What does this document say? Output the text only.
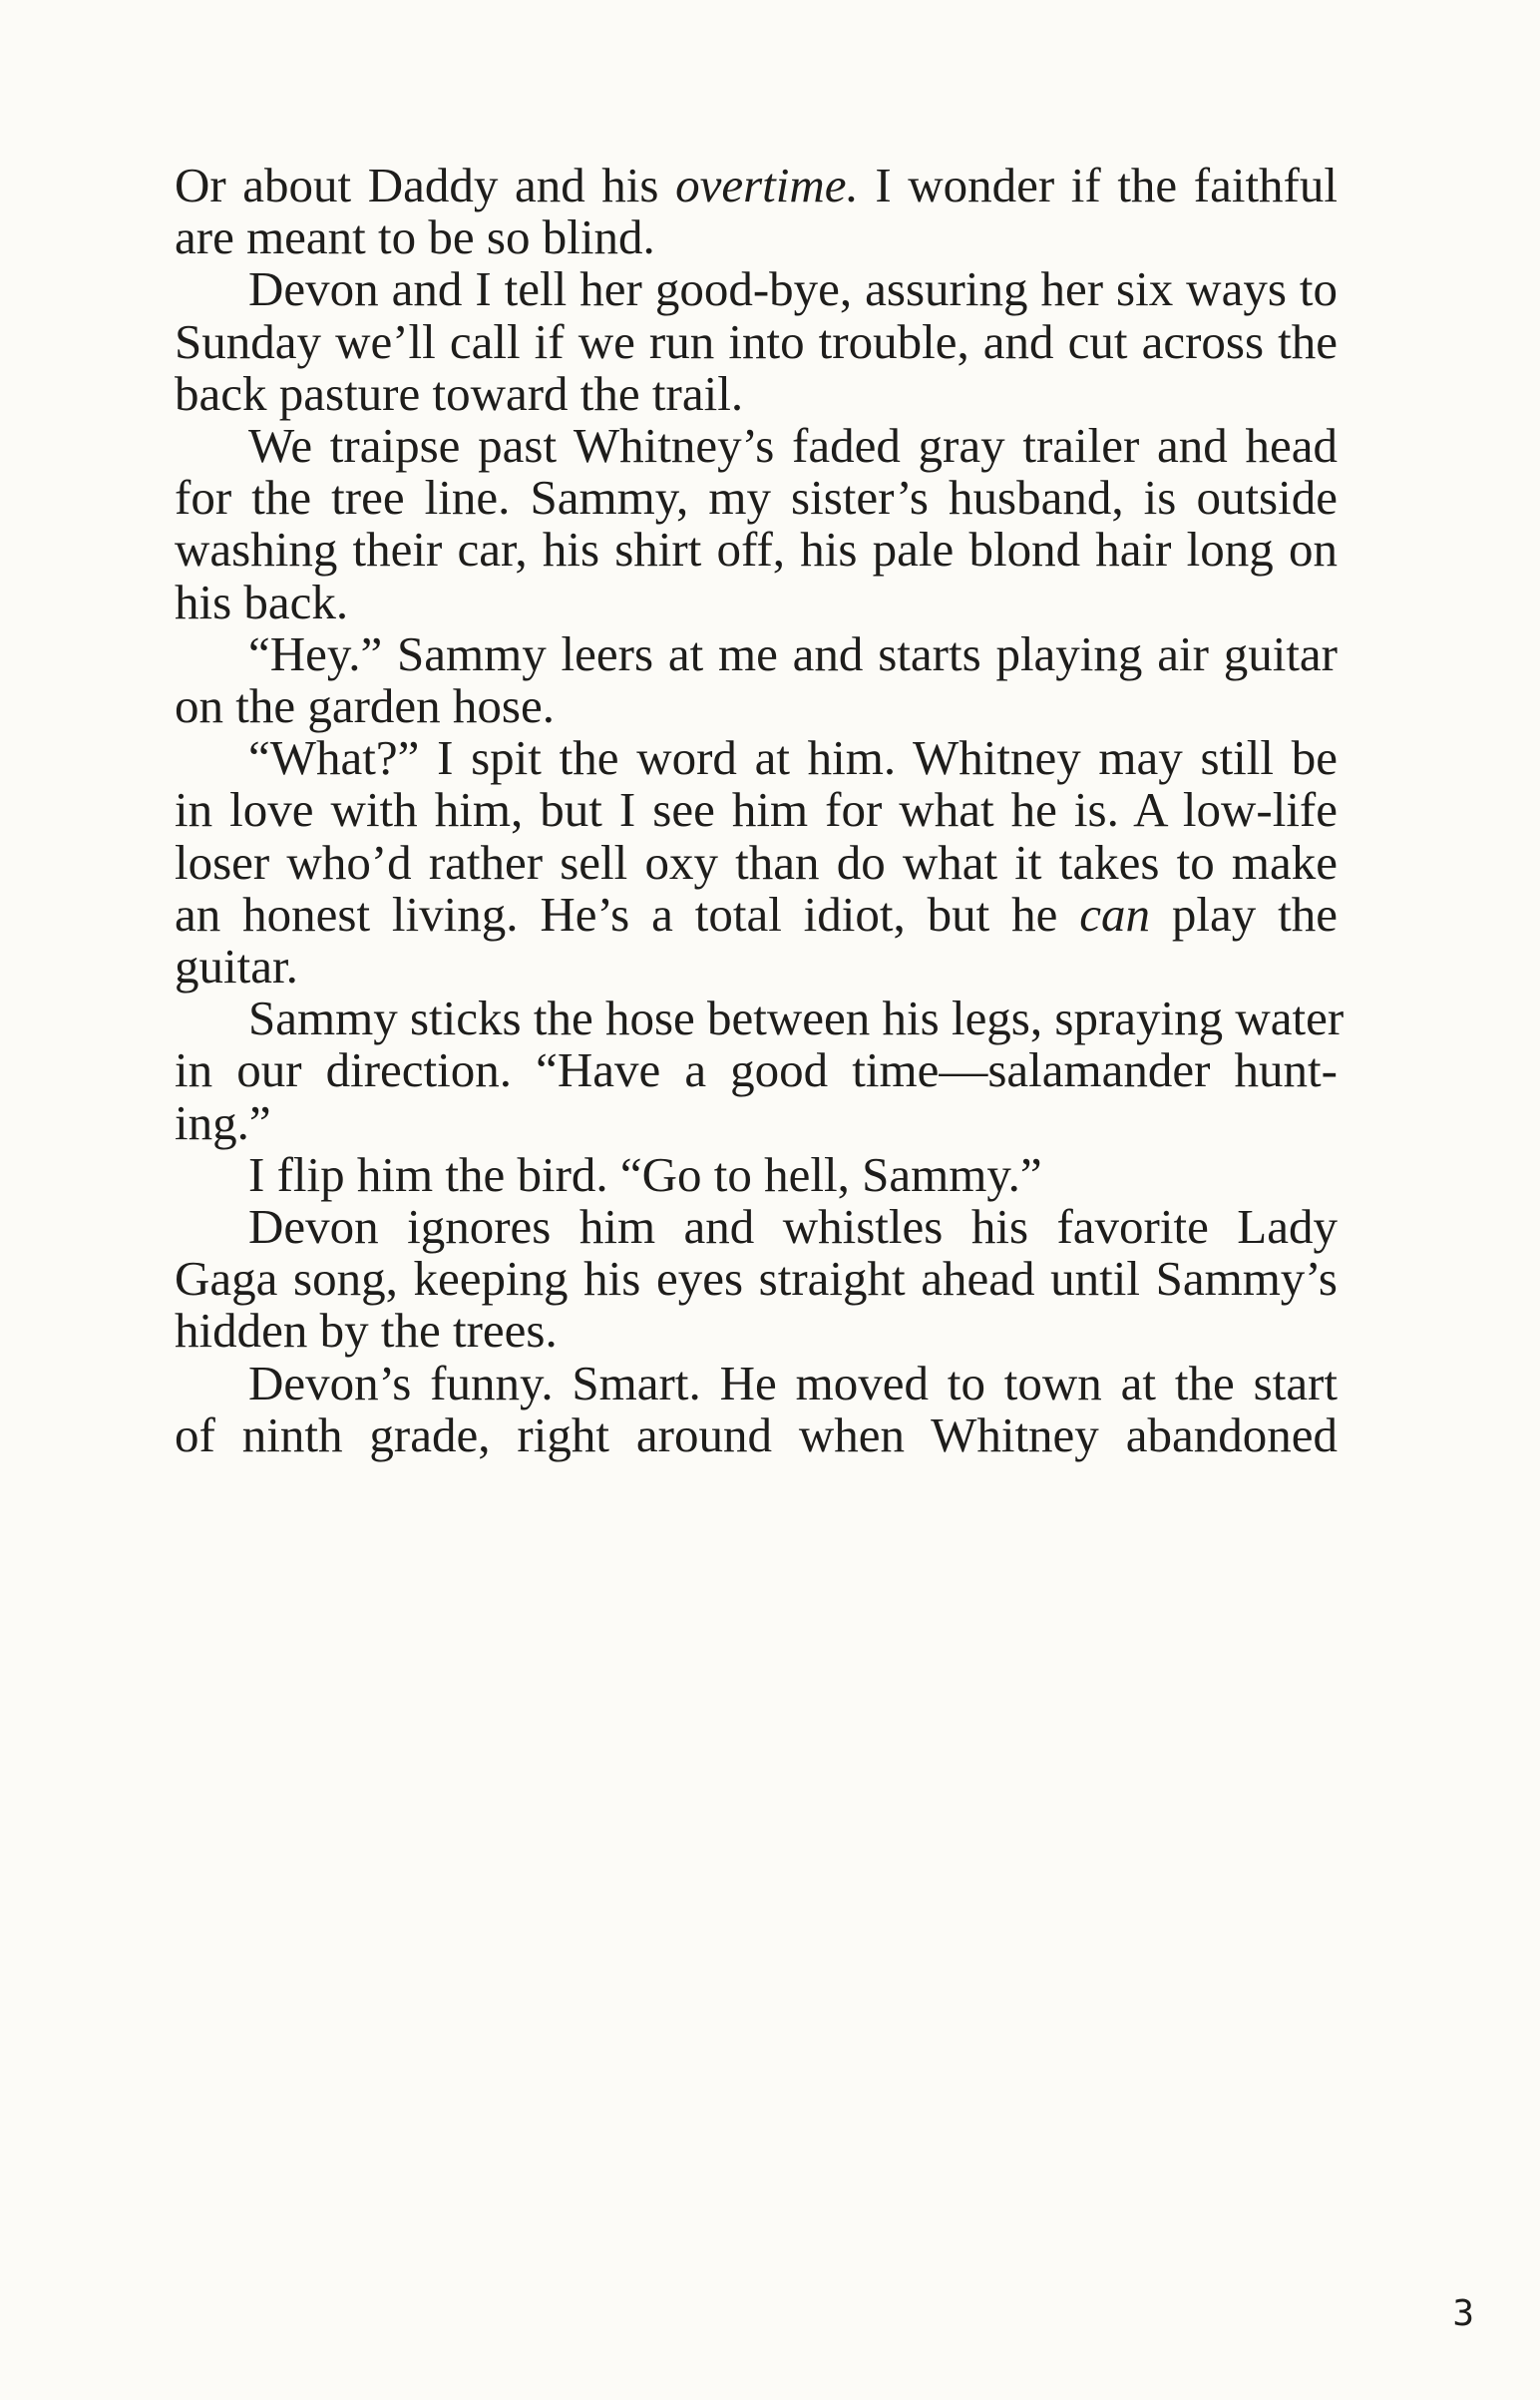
Or about Daddy and his overtime. I wonder if the faithful
are meant to be so blind.
Devon and I tell her good-bye, assuring her six ways to
Sunday we’ll call if we run into trouble, and cut across the
back pasture toward the trail.
We traipse past Whitney’s faded gray trailer and head
for the tree line. Sammy, my sister’s husband, is outside
washing their car, his shirt off, his pale blond hair long on
his back.
“Hey.” Sammy leers at me and starts playing air guitar
on the garden hose.
“What?” I spit the word at him. Whitney may still be
in love with him, but I see him for what he is. A low-life
loser who’d rather sell oxy than do what it takes to make
an honest living. He’s a total idiot, but he can play the
guitar.
Sammy sticks the hose between his legs, spraying water
in our direction. “Have a good time—salamander hunt-
ing.”
I flip him the bird. “Go to hell, Sammy.”
Devon ignores him and whistles his favorite Lady
Gaga song, keeping his eyes straight ahead until Sammy’s
hidden by the trees.
Devon’s funny. Smart. He moved to town at the start
of ninth grade, right around when Whitney abandoned
3
